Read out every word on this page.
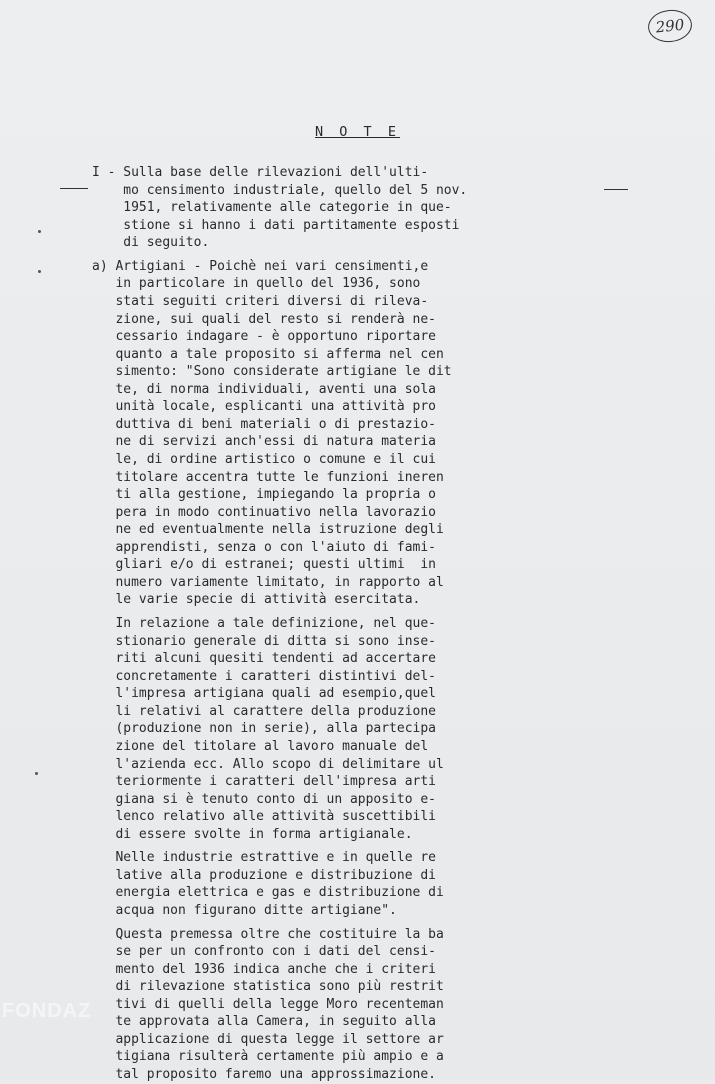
290
N O T E
I - Sulla base delle rilevazioni dell'ulti-
mo censimento industriale, quello del 5 nov.
1951, relativamente alle categorie in que-
stione si hanno i dati partitamente esposti
di seguito.
a) Artigiani - Poichè nei vari censimenti,e
in particolare in quello del 1936, sono
stati seguiti criteri diversi di rileva-
zione, sui quali del resto si renderà ne-
cessario indagare - è opportuno riportare
quanto a tale proposito si afferma nel cen
simento: "Sono considerate artigiane le dit
te, di norma individuali, aventi una sola
unità locale, esplicanti una attività pro
duttiva di beni materiali o di prestazio-
ne di servizi anch'essi di natura materia
le, di ordine artistico o comune e il cui
titolare accentra tutte le funzioni ineren
ti alla gestione, impiegando la propria o
pera in modo continuativo nella lavorazio
ne ed eventualmente nella istruzione degli
apprendisti, senza o con l'aiuto di fami-
gliari e/o di estranei; questi ultimi  in
numero variamente limitato, in rapporto al
le varie specie di attività esercitata.
In relazione a tale definizione, nel que-
stionario generale di ditta si sono inse-
riti alcuni quesiti tendenti ad accertare
concretamente i caratteri distintivi del-
l'impresa artigiana quali ad esempio,quel
li relativi al carattere della produzione
(produzione non in serie), alla partecipa
zione del titolare al lavoro manuale del
l'azienda ecc. Allo scopo di delimitare ul
teriormente i caratteri dell'impresa arti
giana si è tenuto conto di un apposito e-
lenco relativo alle attività suscettibili
di essere svolte in forma artigianale.
Nelle industrie estrattive e in quelle re
lative alla produzione e distribuzione di
energia elettrica e gas e distribuzione di
acqua non figurano ditte artigiane".
Questa premessa oltre che costituire la ba
se per un confronto con i dati del censi-
mento del 1936 indica anche che i criteri
di rilevazione statistica sono più restrit
tivi di quelli della legge Moro recenteman
te approvata alla Camera, in seguito alla
applicazione di questa legge il settore ar
tigiana risulterà certamente più ampio e a
tal proposito faremo una approssimazione.
FONDAZ
